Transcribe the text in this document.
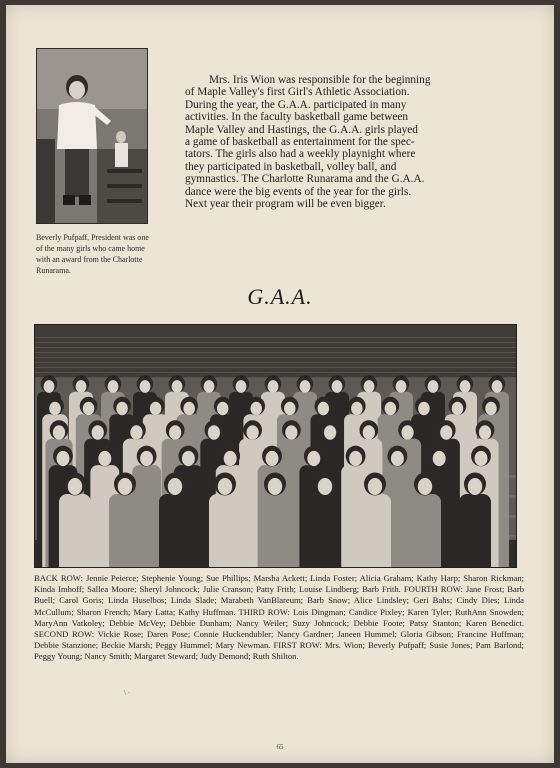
Beverly Pufpaff, President was one of the many girls who came home with an award from the Charlotte Runarama.
Mrs. Iris Wion was responsible for the beginning
of Maple Valley's first Girl's Athletic Association.
During the year, the G.A.A. participated in many
activities. In the faculty basketball game between
Maple Valley and Hastings, the G.A.A. girls played
a game of basketball as entertainment for the spec-
tators. The girls also had a weekly playnight where
they participated in basketball, volley ball, and
gymnastics. The Charlotte Runarama and the G.A.A.
dance were the big events of the year for the girls.
Next year their program will be even bigger.
G.A.A.
BACK ROW: Jennie Peierce; Stephenie Young; Sue Phillips; Marsha Ackett; Linda Foster; Alicia Graham; Kathy Harp; Sharon Rickman; Kinda Imhoff; Sallea Moore; Sheryl Johncock; Julie Cranson; Patty Frith; Louise Lindberg; Barb Frith. FOURTH ROW: Jane Frost; Barb Buell; Carol Goris; Linda Huselbos; Linda Slade; Marabeth VanBlareum; Barb Snow; Alice Lindsley; Geri Bahs; Cindy Dies; Linda McCullum; Sharon French; Mary Latta; Kathy Huffman. THIRD ROW: Lois Dingman; Candice Pixley; Karen Tyler; RuthAnn Snowden; MaryAnn Vatkoley; Debbie McVey; Debbie Dunham; Nancy Weiler; Suzy Johncock; Debbie Foote; Patsy Stanton; Karen Benedict. SECOND ROW: Vickie Rose; Daren Pose; Connie Huckendubler; Nancy Gardner; Janeen Hummel; Gloria Gibson; Francine Huffman; Debbie Stanzione; Beckie Marsh; Peggy Hummel; Mary Newman. FIRST ROW: Mrs. Wion; Beverly Pufpaff; Susie Jones; Pam Barlond; Peggy Young; Nancy Smith; Margaret Steward; Judy Demond; Ruth Shilton.
\ ·
65
